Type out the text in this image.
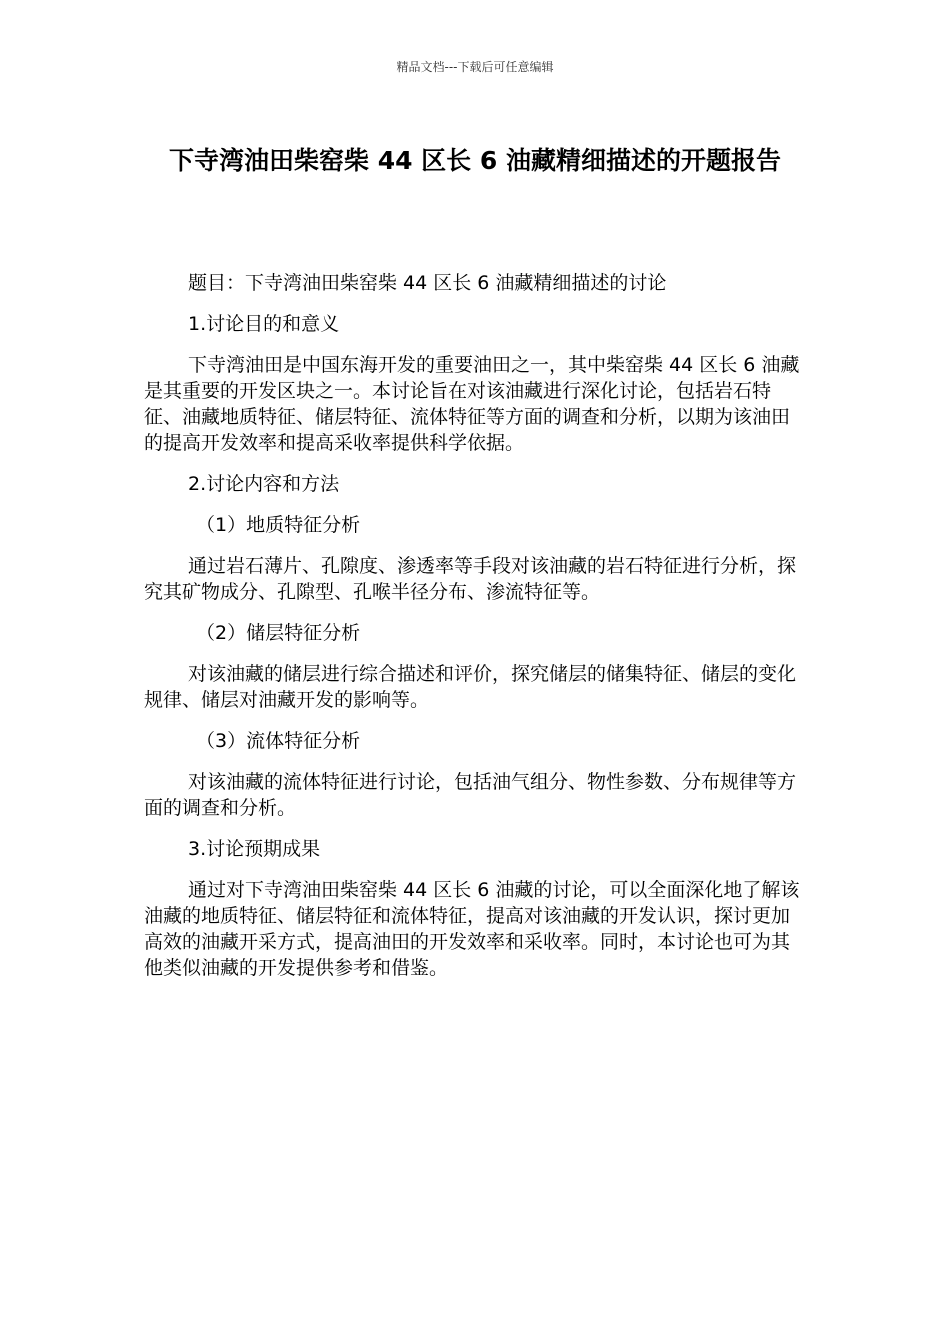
精品文档---下载后可任意编辑
下寺湾油田柴窑柴 44 区长 6 油藏精细描述的开题报告

题目：下寺湾油田柴窑柴 44 区长 6 油藏精细描述的讨论

1.讨论目的和意义

下寺湾油田是中国东海开发的重要油田之一，其中柴窑柴 44 区长 6 油藏是其重要的开发区块之一。本讨论旨在对该油藏进行深化讨论，包括岩石特征、油藏地质特征、储层特征、流体特征等方面的调查和分析，以期为该油田的提高开发效率和提高采收率提供科学依据。

2.讨论内容和方法

（1）地质特征分析

通过岩石薄片、孔隙度、渗透率等手段对该油藏的岩石特征进行分析，探究其矿物成分、孔隙型、孔喉半径分布、渗流特征等。

（2）储层特征分析

对该油藏的储层进行综合描述和评价，探究储层的储集特征、储层的变化规律、储层对油藏开发的影响等。

（3）流体特征分析

对该油藏的流体特征进行讨论，包括油气组分、物性参数、分布规律等方面的调查和分析。

3.讨论预期成果

通过对下寺湾油田柴窑柴 44 区长 6 油藏的讨论，可以全面深化地了解该油藏的地质特征、储层特征和流体特征，提高对该油藏的开发认识，探讨更加高效的油藏开采方式，提高油田的开发效率和采收率。同时，本讨论也可为其他类似油藏的开发提供参考和借鉴。
